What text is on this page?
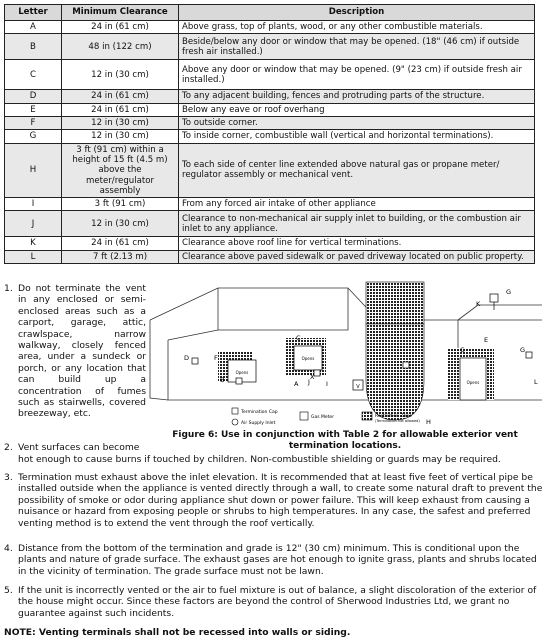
Letter	Minimum Clearance	Description
A	24 in (61 cm)	Above grass, top of plants, wood, or any other combustible materials.
B	48 in (122 cm)	Beside/below any door or window that may be opened. (18" (46 cm) if outside fresh air installed.)
C	12 in (30 cm)	Above any door or window that may be opened. (9" (23 cm) if outside fresh air installed.)
D	24 in (61 cm)	To any adjacent building, fences and protruding parts of the structure.
E	24 in (61 cm)	Below any eave or roof overhang
F	12 in (30 cm)	To outside corner.
G	12 in (30 cm)	To inside corner, combustible wall (vertical and horizontal terminations).
H	3 ft (91 cm) within a height of 15 ft (4.5 m) above the meter/regulator assembly	To each side of center line extended above natural gas or propane meter/ regulator assembly or mechanical vent.
I	3 ft (91 cm)	From any forced air intake of other appliance
J	12 in (30 cm)	Clearance to non-mechanical air supply inlet to building, or the combustion air inlet to any appliance.
K	24 in (61 cm)	Clearance above roof line for vertical terminations.
L	7 ft (2.13 m)	Clearance above paved sidewalk or paved driveway located on public property.
1. Do not terminate the vent in any enclosed or semi-enclosed areas such as a carport, garage, attic, crawlspace, narrow walkway, closely fenced area, under a sundeck or porch, or any location that can build up a concentration of fumes such as stairwells, covered breezeway, etc.
Opens
Opens
Opens
V
D	F
B	A J I
C
X
H
K
G
E
C	G
L
Termination Cap
Air Supply Inlet
Gas Meter	Restriction Zone
(Termination not allowed)
Figure 6: Use in conjunction with Table 2 for allowable exterior vent termination locations.
2. Vent surfaces can become
hot enough to cause burns if touched by children. Non-combustible shielding or guards may be required.
3. Termination must exhaust above the inlet elevation. It is recommended that at least five feet of vertical pipe be installed outside when the appliance is vented directly through a wall, to create some natural draft to prevent the possibility of smoke or odor during appliance shut down or power failure. This will keep exhaust from causing a nuisance or hazard from exposing people or shrubs to high temperatures. In any case, the safest and preferred venting method is to extend the vent through the roof vertically.
4. Distance from the bottom of the termination and grade is 12" (30 cm) minimum. This is conditional upon the plants and nature of grade surface. The exhaust gases are hot enough to ignite grass, plants and shrubs located in the vicinity of termination. The grade surface must not be lawn.
5. If the unit is incorrectly vented or the air to fuel mixture is out of balance, a slight discoloration of the exterior of the house might occur. Since these factors are beyond the control of Sherwood Industries Ltd, we grant no guarantee against such incidents.
NOTE: Venting terminals shall not be recessed into walls or siding.
